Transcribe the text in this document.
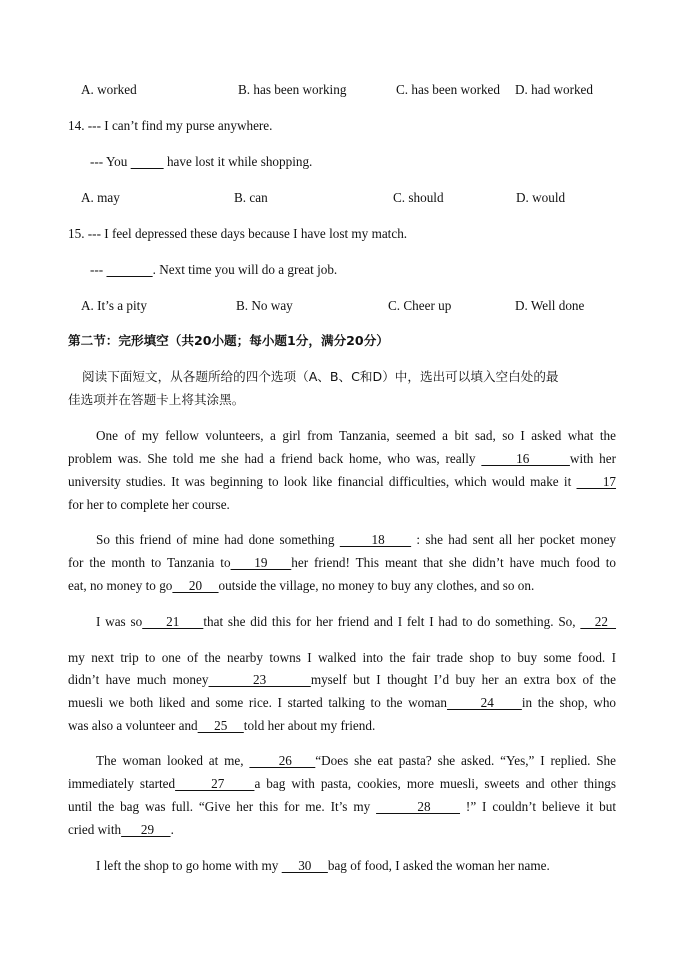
A. worked	B. has been working	C. has been worked D. had worked
14. --- I can’t find my purse anywhere.
--- You	have lost it while shopping.
A. may	B. can	C. should	D. would
15. --- I feel depressed these days because I have lost my match.
---	. Next time you will do a great job.
A. It’s a pity	B. No way	C. Cheer up	D. Well done
第二节：完形填空（共20小题；每小题1分，满分20分）
阅读下面短文，从各题所给的四个选项（A、B、C和D）中，选出可以填入空白处的最
佳选项并在答题卡上将其涂黑。
One of my fellow volunteers, a girl from Tanzania, seemed a bit sad, so I asked what the
problem was. She told me she had a friend back home, who was, really       16       with her
university studies. It was beginning to look like financial difficulties, which would make it      17
for her to complete her course.
So this friend of mine had done something       18      : she had sent all her pocket money
for the month to Tanzania to    19    her friend! This meant that she didn’t have much food to
eat, no money to go     20     outside the village, no money to buy any clothes, and so on.
I was so     21     that she did this for her friend and I felt I had to do something. So,    22
my next trip to one of the nearby towns I walked into the fair trade shop to buy some food. I
didn’t have much money       23       myself but I thought I’d buy her an extra box of the
muesli we both liked and some rice. I started talking to the woman      24     in the shop, who
was also a volunteer and     25     told her about my friend.
The woman looked at me,      26    “Does she eat pasta? she asked. “Yes,” I replied. She
immediately started      27     a bag with pasta, cookies, more muesli, sweets and other things
until the bag was full. “Give her this for me. It’s my        28      !” I couldn’t believe it but
cried with      29     .
I left the shop to go home with my      30     bag of food, I asked the woman her name.
